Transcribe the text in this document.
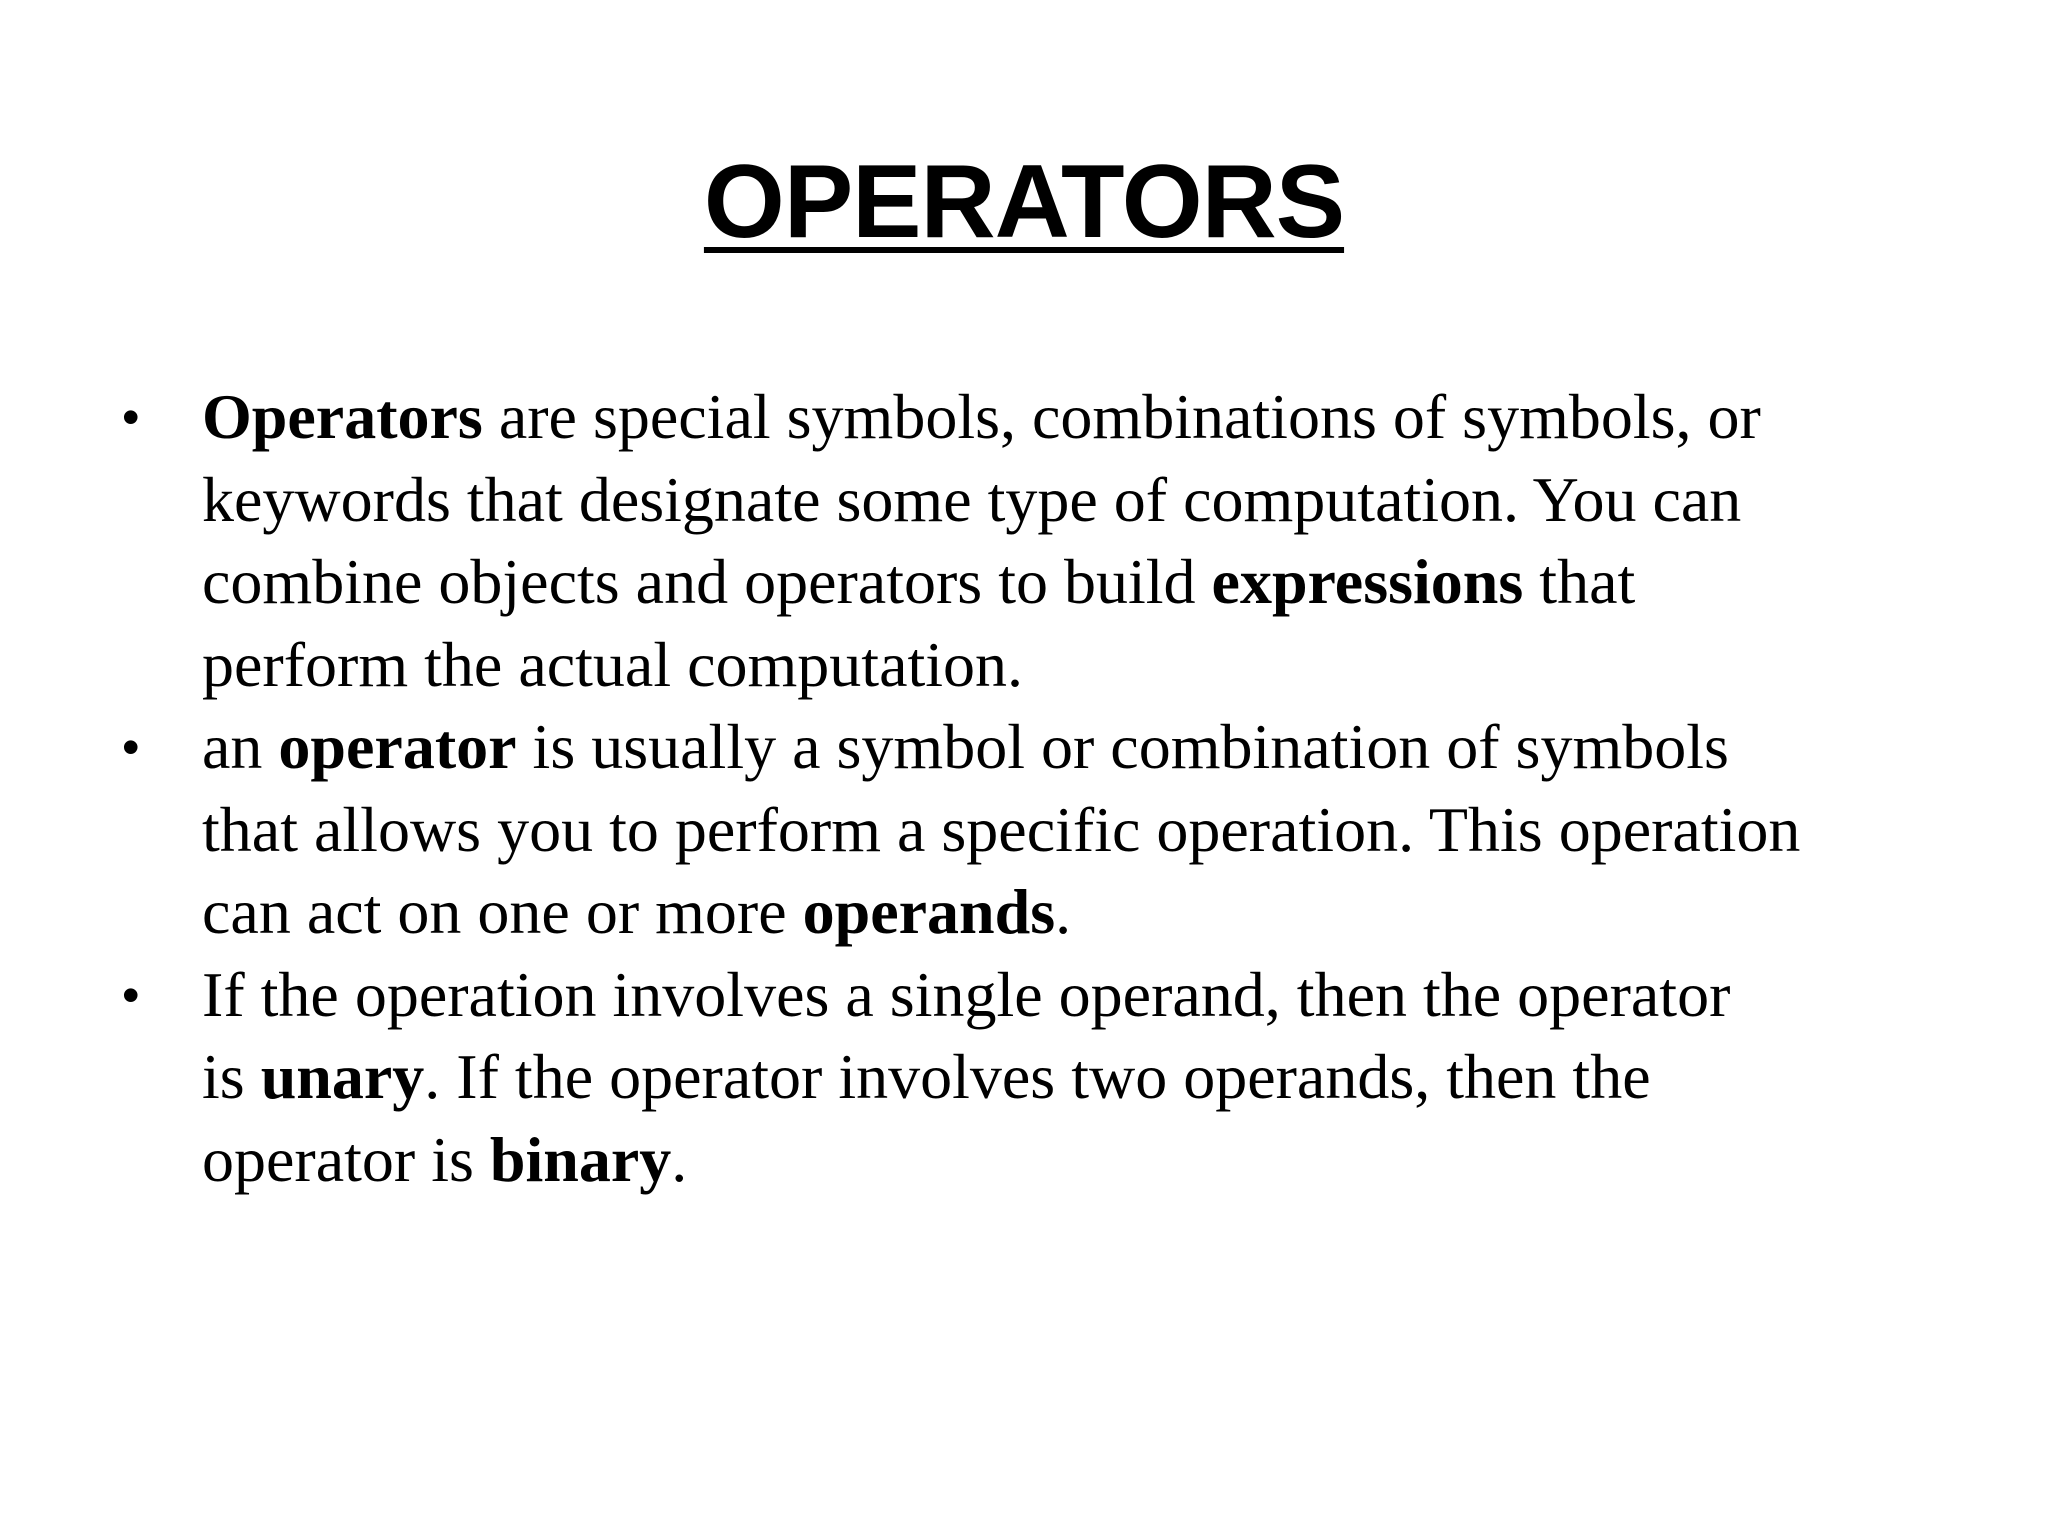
OPERATORS
• Operators are special symbols, combinations of symbols, or
keywords that designate some type of computation. You can
combine objects and operators to build expressions that
perform the actual computation.
• an operator is usually a symbol or combination of symbols
that allows you to perform a specific operation. This operation
can act on one or more operands.
• If the operation involves a single operand, then the operator
is unary. If the operator involves two operands, then the
operator is binary.
